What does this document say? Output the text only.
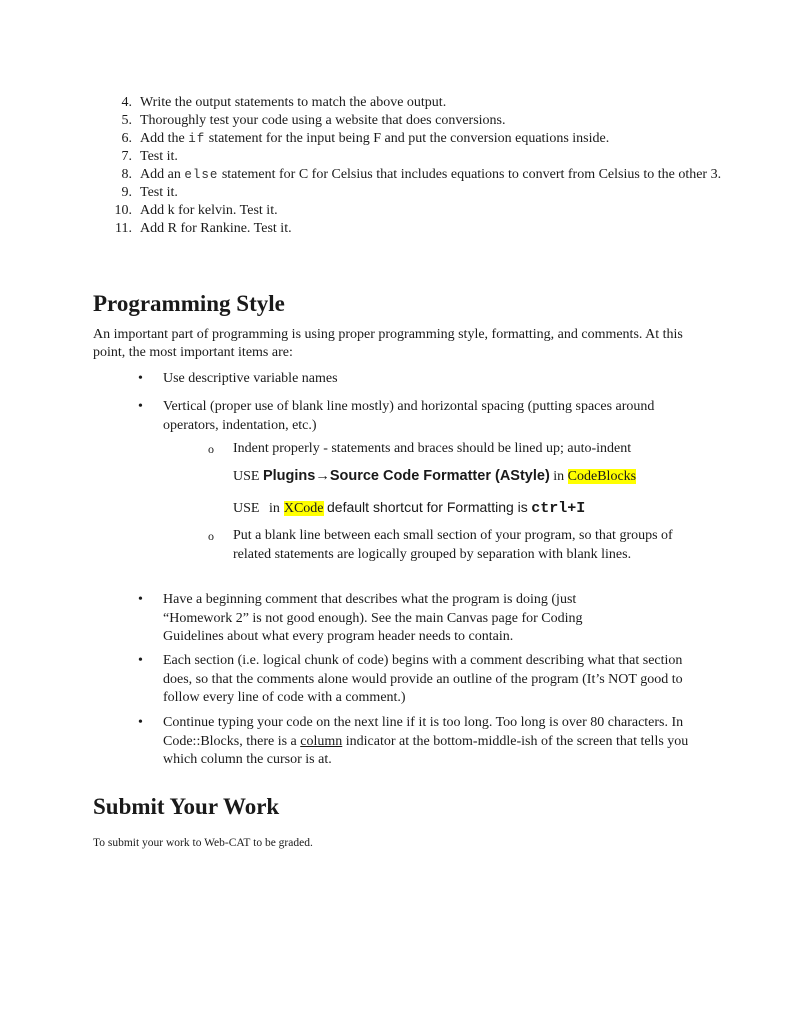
4. Write the output statements to match the above output.
5. Thoroughly test your code using a website that does conversions.
6. Add the if statement for the input being F and put the conversion equations inside.
7. Test it.
8. Add an else statement for C for Celsius that includes equations to convert from Celsius to the other 3.
9. Test it.
10. Add k for kelvin. Test it.
11. Add R for Rankine. Test it.
Programming Style
An important part of programming is using proper programming style, formatting, and comments. At this point, the most important items are:
• Use descriptive variable names
• Vertical (proper use of blank line mostly) and horizontal spacing (putting spaces around operators, indentation, etc.)
o Indent properly - statements and braces should be lined up; auto-indent
USE Plugins→Source Code Formatter (AStyle) in CodeBlocks
USE in XCode default shortcut for Formatting is ctrl+I
o Put a blank line between each small section of your program, so that groups of related statements are logically grouped by separation with blank lines.
• Have a beginning comment that describes what the program is doing (just “Homework 2” is not good enough). See the main Canvas page for Coding Guidelines about what every program header needs to contain.
• Each section (i.e. logical chunk of code) begins with a comment describing what that section does, so that the comments alone would provide an outline of the program (It’s NOT good to follow every line of code with a comment.)
• Continue typing your code on the next line if it is too long. Too long is over 80 characters. In Code::Blocks, there is a column indicator at the bottom-middle-ish of the screen that tells you which column the cursor is at.
Submit Your Work
To submit your work to Web-CAT to be graded.
